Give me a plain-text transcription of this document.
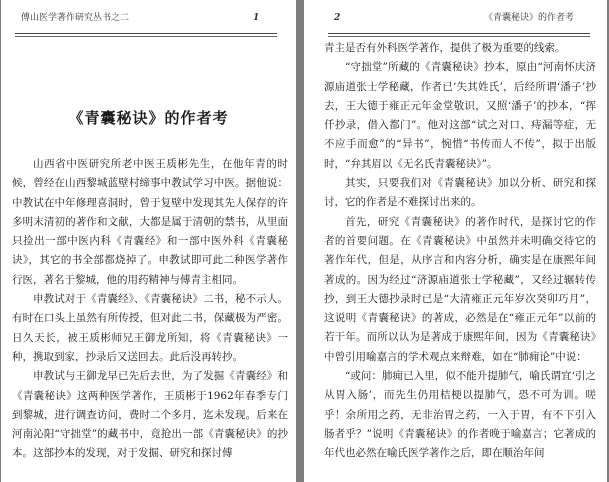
傅山医学著作研究丛书之二	1
《青囊秘诀》的作者考

山西省中医研究所老中医王质彬先生，在他年青的时候，曾经在山西黎城蓝壁村缔事中教试学习中医。据他说：中教试在中年修理喜洞时，曾于复壁中发现其先人保存的许多明末清初的著作和文献，大都是属于清朝的禁书，从里面只捡出一部中医内科《青囊经》和一部中医外科《青囊秘诀》，其它的书全部都烧掉了。申教试即可此二种医学著作行医，著名于黎城，他的用药精神与傅青主相同。

申教试对于《青囊经》、《青囊秘诀》二书，秘不示人。有时在口头上虽然有所传授，但对此二书，保藏极为严密。日久天长，被王质彬师兄王御龙所知，将《青囊秘诀》一种，携取到家，抄录后又送回去。此后没再转抄。

申教试与王御龙早已先后去世，为了发掘《青囊经》和《青囊秘诀》这两种医学著作，王质彬于1962年春季专门到黎城，进行调查访问，费时二个多月，迄未发现。后来在河南沁阳“守拙堂”的藏书中，竟抢出一部《青囊秘诀》的抄本。这部抄本的发现，对于发掘、研究和探讨傅

2	《青囊秘诀》的作者考

青主是否有外科医学著作，提供了极为重要的线索。

“守拙堂”所藏的《青囊秘诀》抄本，原由“河南怀庆济源庙道张士学秘藏，作者已‘失其姓氏’，后经所谓‘潘子’抄去，王大德于雍正元年金堂敬识，又照‘潘子’的抄本，“挥仟抄录，借入都门”。他对这部“试之对口、痔漏等症，无不应手而愈”的“异书”，惋惜“书传而人不传”，拟于出版时，“弁其眉以《无名氏青囊秘诀》”。

其实，只要我们对《青囊秘诀》加以分析、研究和探讨，它的作者是不难探讨出来的。

首先，研究《青囊秘诀》的著作时代，是探讨它的作者的首要问题。在《青囊秘诀》中虽然并未明确交待它的著作年代，但是，从序言和内容分析，确实是在康熙年间著成的。因为经过“济源庙道张士学秘藏”，又经过辗转传抄，到王大德抄录时已是“大清雍正元年岁次癸卯巧月”，这说明《青囊秘诀》的著成，必然是在“雍正元年”以前的若干年。而所以认为是著成于康熙年间，因为《青囊秘诀》中曾引用喻嘉言的学术观点来辩难，如在“肺痈论”中说：

“或问：肺痈已入里，似不能升提肺气，喻氏谓宜‘引之从胃入肠’，而先生仍用桔梗以提肺气，恐不可为训。嗟乎！余所用之药，无非治胃之药，一入于胃，有不下引入肠者乎？”说明《青囊秘诀》的作者晚于喻嘉言；它著成的年代也必然在喻氏医学著作之后，即在顺治年间
